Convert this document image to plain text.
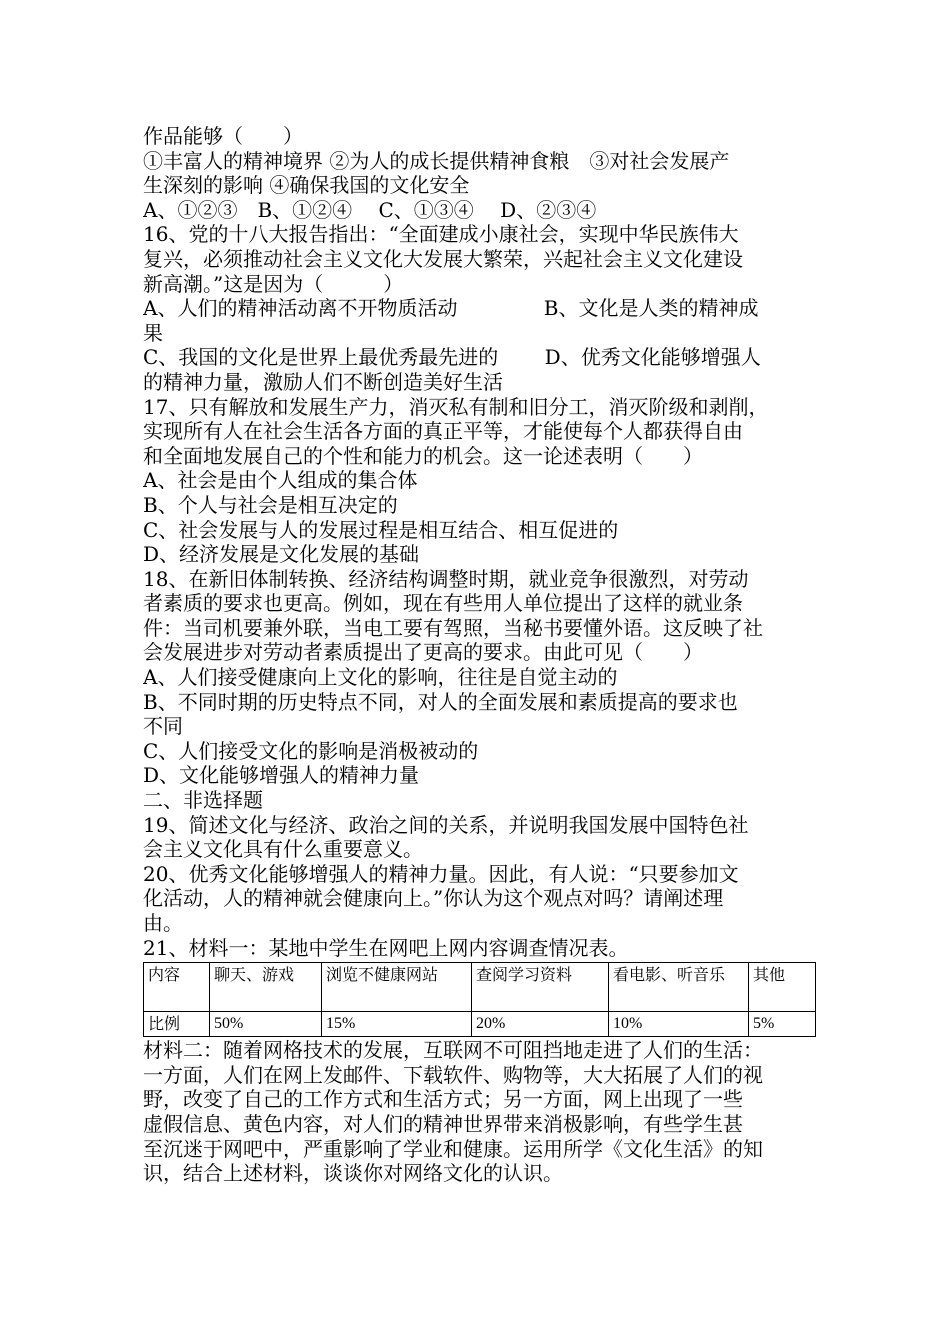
作品能够（　　）
①丰富人的精神境界 ②为人的成长提供精神食粮　③对社会发展产
生深刻的影响 ④确保我国的文化安全
A、①②③　B、①②④　 C、①③④　 D、②③④
16、党的十八大报告指出：“全面建成小康社会，实现中华民族伟大
复兴，必须推动社会主义文化大发展大繁荣，兴起社会主义文化建设
新高潮。”这是因为（　　　）
A、人们的精神活动离不开物质活动　　　　 B、文化是人类的精神成
果
C、我国的文化是世界上最优秀最先进的　　 D、优秀文化能够增强人
的精神力量，激励人们不断创造美好生活
17、只有解放和发展生产力，消灭私有制和旧分工，消灭阶级和剥削，
实现所有人在社会生活各方面的真正平等，才能使每个人都获得自由
和全面地发展自己的个性和能力的机会。这一论述表明（　　）
A、社会是由个人组成的集合体
B、个人与社会是相互决定的
C、社会发展与人的发展过程是相互结合、相互促进的
D、经济发展是文化发展的基础
18、在新旧体制转换、经济结构调整时期，就业竞争很激烈，对劳动
者素质的要求也更高。例如，现在有些用人单位提出了这样的就业条
件：当司机要兼外联，当电工要有驾照，当秘书要懂外语。这反映了社
会发展进步对劳动者素质提出了更高的要求。由此可见（　　）
A、人们接受健康向上文化的影响，往往是自觉主动的
B、不同时期的历史特点不同，对人的全面发展和素质提高的要求也
不同
C、人们接受文化的影响是消极被动的
D、文化能够增强人的精神力量
二、非选择题
19、简述文化与经济、政治之间的关系，并说明我国发展中国特色社
会主义文化具有什么重要意义。
20、优秀文化能够增强人的精神力量。因此，有人说：“只要参加文
化活动，人的精神就会健康向上。”你认为这个观点对吗？请阐述理
由。
21、材料一：某地中学生在网吧上网内容调查情况表。
内容	聊天、游戏	浏览不健康网站	查阅学习资料	看电影、听音乐	其他
比例	50%	15%	20%	10%	5%
材料二：随着网格技术的发展，互联网不可阻挡地走进了人们的生活：
一方面，人们在网上发邮件、下载软件、购物等，大大拓展了人们的视
野，改变了自己的工作方式和生活方式；另一方面，网上出现了一些
虚假信息、黄色内容，对人们的精神世界带来消极影响，有些学生甚
至沉迷于网吧中，严重影响了学业和健康。运用所学《文化生活》的知
识，结合上述材料，谈谈你对网络文化的认识。
